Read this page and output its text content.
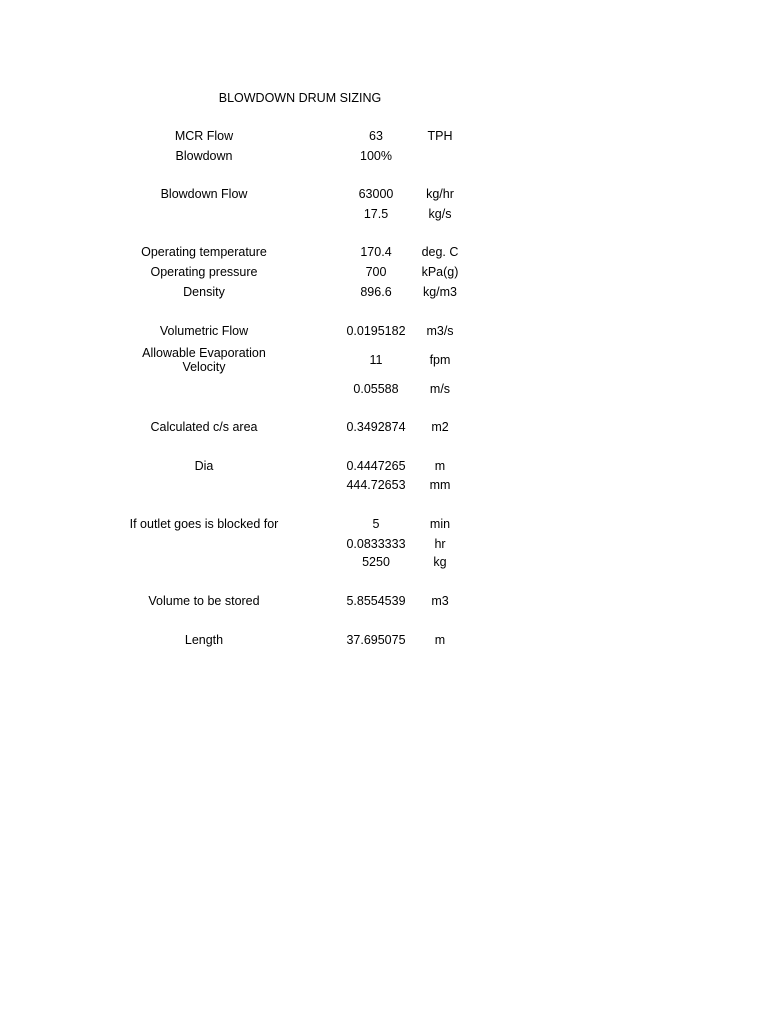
BLOWDOWN DRUM SIZING
MCR Flow	63	TPH
Blowdown	100%
Blowdown Flow	63000	kg/hr
17.5	kg/s
Operating temperature	170.4	deg. C
Operating pressure	700	kPa(g)
Density	896.6	kg/m3
Volumetric Flow	0.0195182	m3/s
Allowable Evaporation Velocity	11	fpm
0.05588	m/s
Calculated c/s area	0.3492874	m2
Dia	0.4447265	m
444.72653	mm
If outlet goes is blocked for	5	min
0.0833333	hr
5250	kg
Volume to be stored	5.8554539	m3
Length	37.695075	m
